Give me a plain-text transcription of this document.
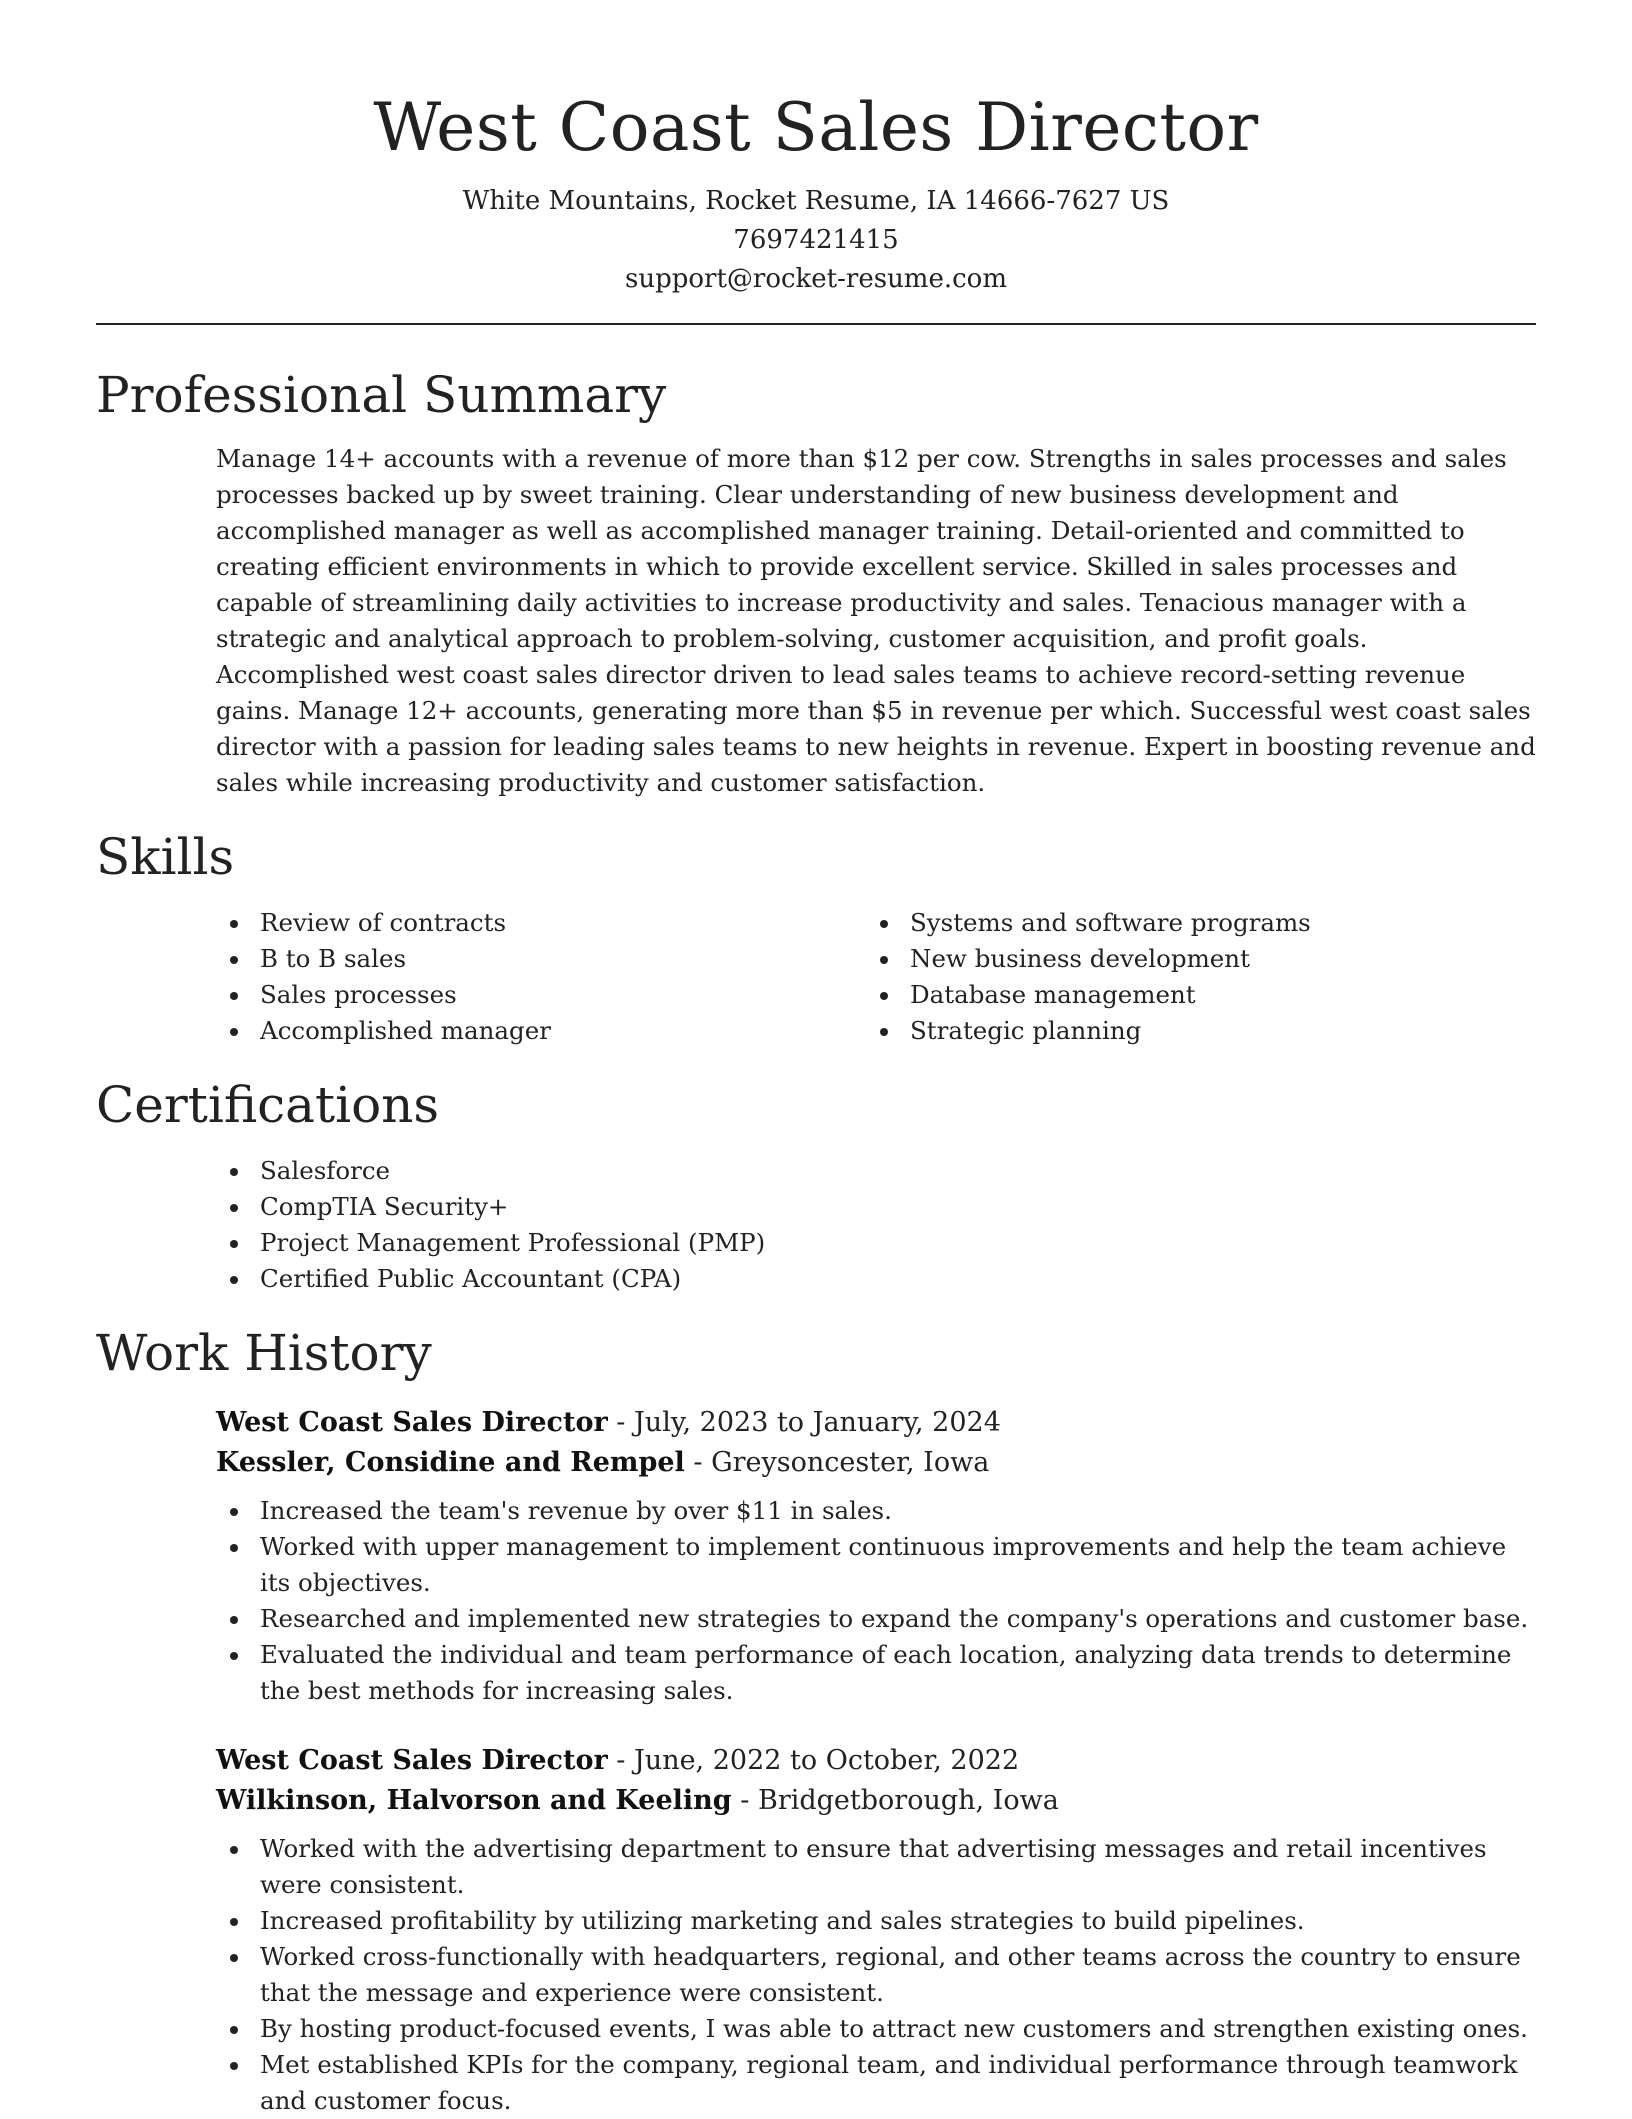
West Coast Sales Director
White Mountains, Rocket Resume, IA 14666-7627 US
7697421415
support@rocket-resume.com
Professional Summary

Manage 14+ accounts with a revenue of more than $12 per cow. Strengths in sales processes and sales processes backed up by sweet training. Clear understanding of new business development and accomplished manager as well as accomplished manager training. Detail-oriented and committed to creating efficient environments in which to provide excellent service. Skilled in sales processes and capable of streamlining daily activities to increase productivity and sales. Tenacious manager with a strategic and analytical approach to problem-solving, customer acquisition, and profit goals. Accomplished west coast sales director driven to lead sales teams to achieve record-setting revenue gains. Manage 12+ accounts, generating more than $5 in revenue per which. Successful west coast sales director with a passion for leading sales teams to new heights in revenue. Expert in boosting revenue and sales while increasing productivity and customer satisfaction.

Skills
Review of contracts
B to B sales
Sales processes
Accomplished manager
Systems and software programs
New business development
Database management
Strategic planning
Certifications
Salesforce
CompTIA Security+
Project Management Professional (PMP)
Certified Public Accountant (CPA)
Work History
West Coast Sales Director - July, 2023 to January, 2024
Kessler, Considine and Rempel - Greysoncester, Iowa
Increased the team's revenue by over $11 in sales.
Worked with upper management to implement continuous improvements and help the team achieve its objectives.
Researched and implemented new strategies to expand the company's operations and customer base.
Evaluated the individual and team performance of each location, analyzing data trends to determine the best methods for increasing sales.
West Coast Sales Director - June, 2022 to October, 2022
Wilkinson, Halvorson and Keeling - Bridgetborough, Iowa
Worked with the advertising department to ensure that advertising messages and retail incentives were consistent.
Increased profitability by utilizing marketing and sales strategies to build pipelines.
Worked cross-functionally with headquarters, regional, and other teams across the country to ensure that the message and experience were consistent.
By hosting product-focused events, I was able to attract new customers and strengthen existing ones.
Met established KPIs for the company, regional team, and individual performance through teamwork and customer focus.
